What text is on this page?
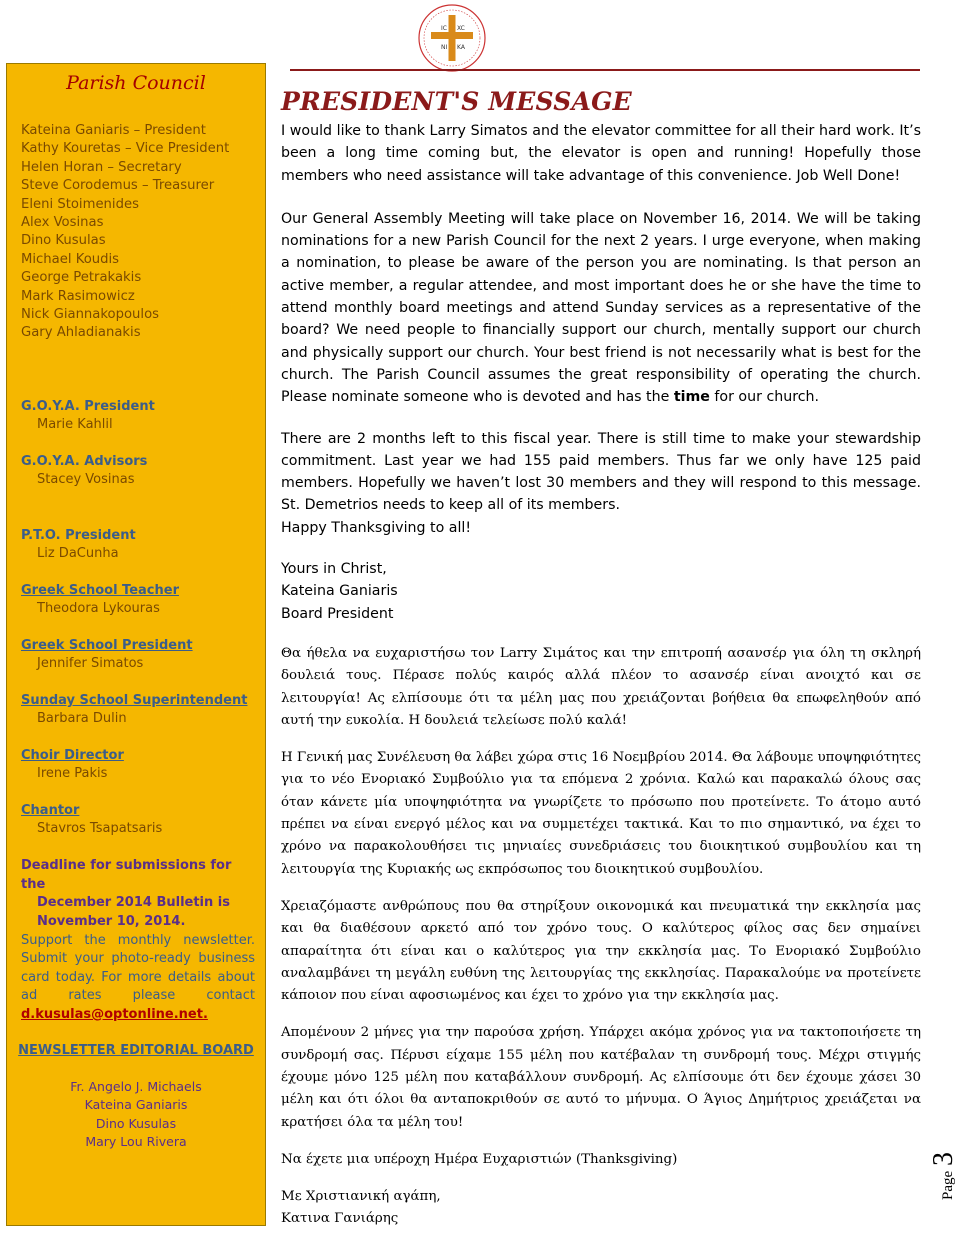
IC XC
NI KA
Parish Council
Kateina Ganiaris – President
Kathy Kouretas – Vice President
Helen Horan – Secretary
Steve Corodemus – Treasurer
Eleni Stoimenides
Alex Vosinas
Dino Kusulas
Michael Koudis
George Petrakakis
Mark Rasimowicz
Nick Giannakopoulos
Gary Ahladianakis
G.O.Y.A. President
Marie Kahlil
G.O.Y.A. Advisors
Stacey Vosinas
P.T.O. President
Liz DaCunha
Greek School Teacher
Theodora Lykouras
Greek School President
Jennifer Simatos
Sunday School Superintendent
Barbara Dulin
Choir Director
Irene Pakis
Chantor
Stavros Tsapatsaris
Deadline for submissions for the
December 2014 Bulletin is
November 10, 2014.
Support the monthly newsletter. Submit your photo-ready business card today. For more details about ad rates please contact d.kusulas@optonline.net.
NEWSLETTER EDITORIAL BOARD
Fr. Angelo J. Michaels
Kateina Ganiaris
Dino Kusulas
Mary Lou Rivera
PRESIDENT'S MESSAGE

I would like to thank Larry Simatos and the elevator committee for all their hard work. It’s been a long time coming but, the elevator is open and running! Hopefully those members who need assistance will take advantage of this convenience. Job Well Done!

Our General Assembly Meeting will take place on November 16, 2014. We will be taking nominations for a new Parish Council for the next 2 years. I urge everyone, when making a nomination, to please be aware of the person you are nominating. Is that person an active member, a regular attendee, and most important does he or she have the time to attend monthly board meetings and attend Sunday services as a representative of the board? We need people to financially support our church, mentally support our church and physically support our church. Your best friend is not necessarily what is best for the church. The Parish Council assumes the great responsibility of operating the church. Please nominate someone who is devoted and has the time for our church.

There are 2 months left to this fiscal year. There is still time to make your stewardship commitment. Last year we had 155 paid members. Thus far we only have 125 paid members. Hopefully we haven’t lost 30 members and they will respond to this message. St. Demetrios needs to keep all of its members.

Happy Thanksgiving to all!

Yours in Christ,

Kateina Ganiaris

Board President

Θα ήθελα να ευχαριστήσω τον Larry Σιμάτος και την επιτροπή ασανσέρ για όλη τη σκληρή δουλειά τους. Πέρασε πολύς καιρός αλλά πλέον το ασανσέρ είναι ανοιχτό και σε λειτουργία! Ας ελπίσουμε ότι τα μέλη μας που χρειάζονται βοήθεια θα επωφεληθούν από αυτή την ευκολία. Η δουλειά τελείωσε πολύ καλά!

Η Γενική μας Συνέλευση θα λάβει χώρα στις 16 Νοεμβρίου 2014. Θα λάβουμε υποψηφιότητες για το νέο Ενοριακό Συμβούλιο για τα επόμενα 2 χρόνια. Καλώ και παρακαλώ όλους σας όταν κάνετε μία υποψηφιότητα να γνωρίζετε το πρόσωπο που προτείνετε. Το άτομο αυτό πρέπει να είναι ενεργό μέλος και να συμμετέχει τακτικά. Και το πιο σημαντικό, να έχει το χρόνο να παρακολουθήσει τις μηνιαίες συνεδριάσεις του διοικητικού συμβουλίου και τη λειτουργία της Κυριακής ως εκπρόσωπος του διοικητικού συμβουλίου.

Χρειαζόμαστε ανθρώπους που θα στηρίξουν οικονομικά και πνευματικά την εκκλησία μας και θα διαθέσουν αρκετό από τον χρόνο τους. Ο καλύτερος φίλος σας δεν σημαίνει απαραίτητα ότι είναι και ο καλύτερος για την εκκλησία μας. Το Ενοριακό Συμβούλιο αναλαμβάνει τη μεγάλη ευθύνη της λειτουργίας της εκκλησίας. Παρακαλούμε να προτείνετε κάποιον που είναι αφοσιωμένος και έχει το χρόνο για την εκκλησία μας.

Απομένουν 2 μήνες για την παρούσα χρήση. Υπάρχει ακόμα χρόνος για να τακτοποιήσετε τη συνδρομή σας. Πέρυσι είχαμε 155 μέλη που κατέβαλαν τη συνδρομή τους. Μέχρι στιγμής έχουμε μόνο 125 μέλη που καταβάλλουν συνδρομή. Ας ελπίσουμε ότι δεν έχουμε χάσει 30 μέλη και ότι όλοι θα ανταποκριθούν σε αυτό το μήνυμα. Ο Άγιος Δημήτριος χρειάζεται να κρατήσει όλα τα μέλη του!

Να έχετε μια υπέροχη Ημέρα Ευχαριστιών (Thanksgiving)

Με Χριστιανική αγάπη,

Κατινα Γανιάρης

Page
3
